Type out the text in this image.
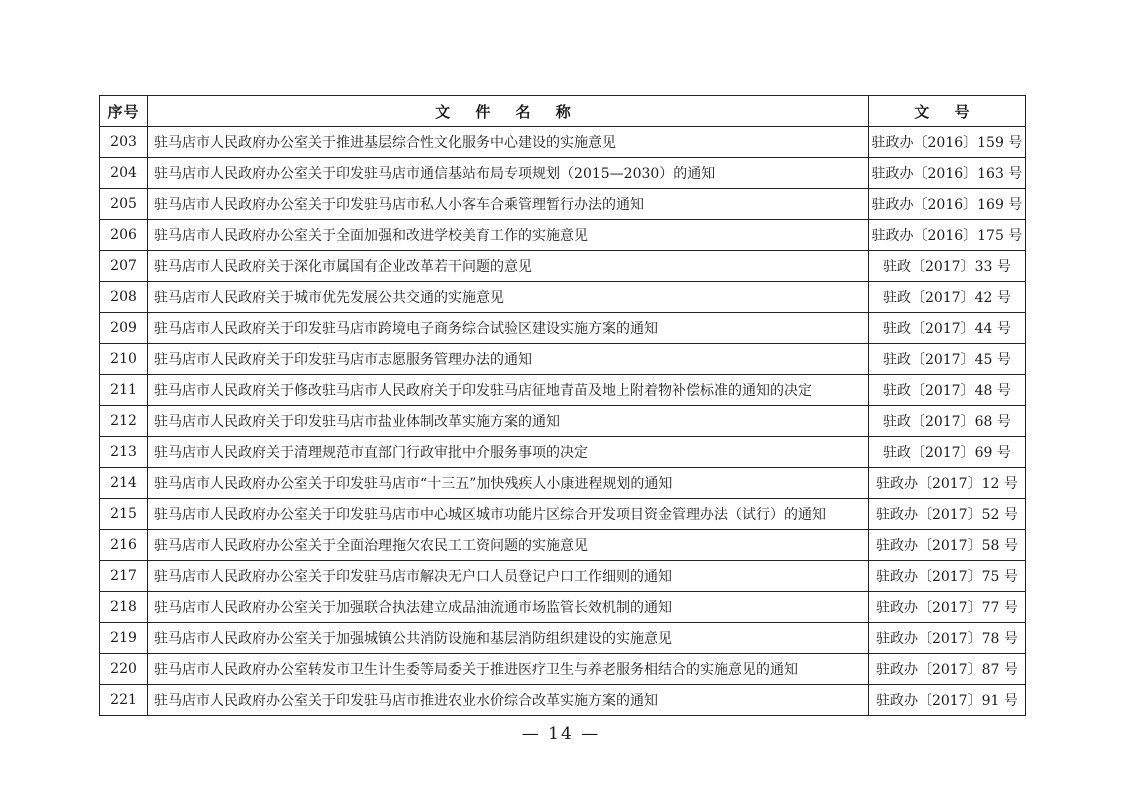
序号	文 件 名 称	文 号
203	驻马店市人民政府办公室关于推进基层综合性文化服务中心建设的实施意见	驻政办〔2016〕159 号
204	驻马店市人民政府办公室关于印发驻马店市通信基站布局专项规划（2015—2030）的通知	驻政办〔2016〕163 号
205	驻马店市人民政府办公室关于印发驻马店市私人小客车合乘管理暂行办法的通知	驻政办〔2016〕169 号
206	驻马店市人民政府办公室关于全面加强和改进学校美育工作的实施意见	驻政办〔2016〕175 号
207	驻马店市人民政府关于深化市属国有企业改革若干问题的意见	驻政〔2017〕33 号
208	驻马店市人民政府关于城市优先发展公共交通的实施意见	驻政〔2017〕42 号
209	驻马店市人民政府关于印发驻马店市跨境电子商务综合试验区建设实施方案的通知	驻政〔2017〕44 号
210	驻马店市人民政府关于印发驻马店市志愿服务管理办法的通知	驻政〔2017〕45 号
211	驻马店市人民政府关于修改驻马店市人民政府关于印发驻马店征地青苗及地上附着物补偿标准的通知的决定	驻政〔2017〕48 号
212	驻马店市人民政府关于印发驻马店市盐业体制改革实施方案的通知	驻政〔2017〕68 号
213	驻马店市人民政府关于清理规范市直部门行政审批中介服务事项的决定	驻政〔2017〕69 号
214	驻马店市人民政府办公室关于印发驻马店市“十三五”加快残疾人小康进程规划的通知	驻政办〔2017〕12 号
215	驻马店市人民政府办公室关于印发驻马店市中心城区城市功能片区综合开发项目资金管理办法（试行）的通知	驻政办〔2017〕52 号
216	驻马店市人民政府办公室关于全面治理拖欠农民工工资问题的实施意见	驻政办〔2017〕58 号
217	驻马店市人民政府办公室关于印发驻马店市解决无户口人员登记户口工作细则的通知	驻政办〔2017〕75 号
218	驻马店市人民政府办公室关于加强联合执法建立成品油流通市场监管长效机制的通知	驻政办〔2017〕77 号
219	驻马店市人民政府办公室关于加强城镇公共消防设施和基层消防组织建设的实施意见	驻政办〔2017〕78 号
220	驻马店市人民政府办公室转发市卫生计生委等局委关于推进医疗卫生与养老服务相结合的实施意见的通知	驻政办〔2017〕87 号
221	驻马店市人民政府办公室关于印发驻马店市推进农业水价综合改革实施方案的通知	驻政办〔2017〕91 号
— 14 —
